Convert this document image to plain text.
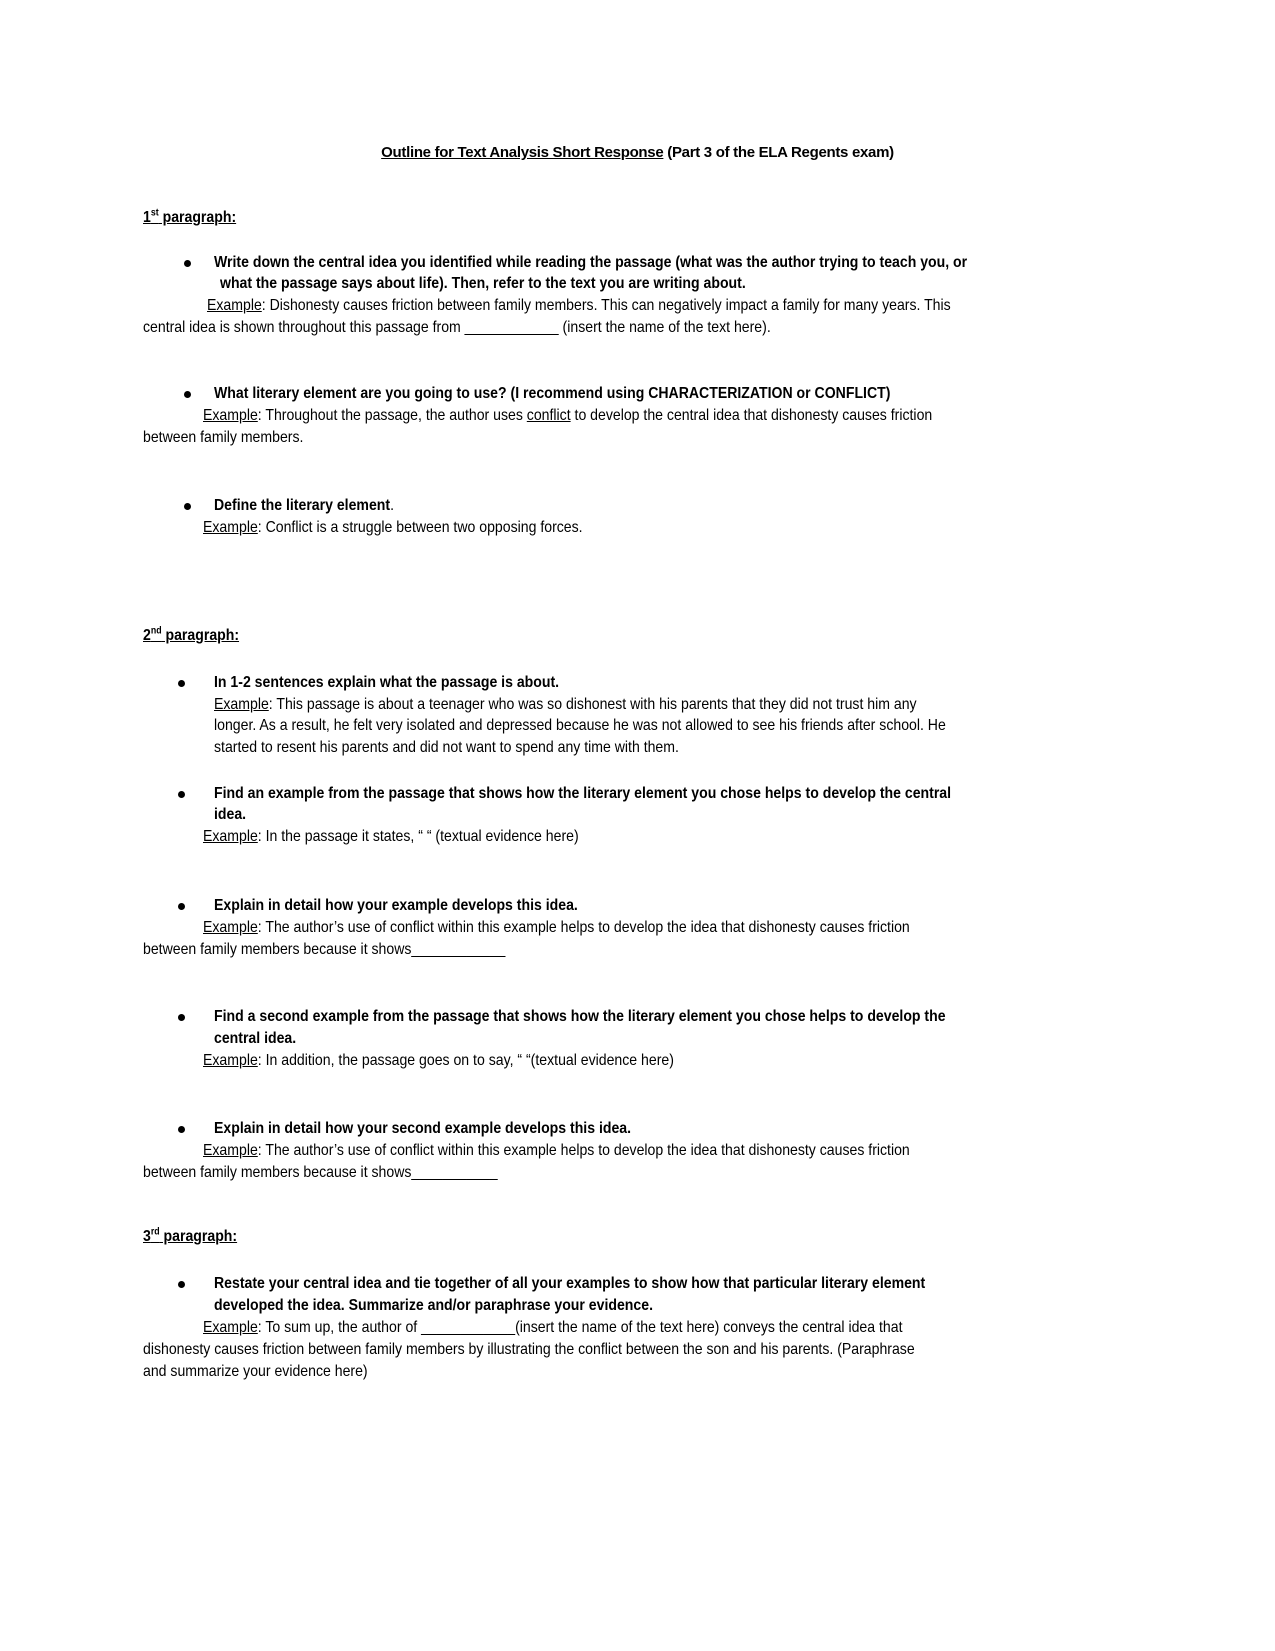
Outline for Text Analysis Short Response (Part 3 of the ELA Regents exam)
1st paragraph:
Write down the central idea you identified while reading the passage (what was the author trying to teach you, or
what the passage says about life). Then, refer to the text you are writing about.
Example: Dishonesty causes friction between family members. This can negatively impact a family for many years. This
central idea is shown throughout this passage from ____________ (insert the name of the text here).
What literary element are you going to use? (I recommend using CHARACTERIZATION or CONFLICT)
Example: Throughout the passage, the author uses conflict to develop the central idea that dishonesty causes friction
between family members.
Define the literary element.
Example: Conflict is a struggle between two opposing forces.
2nd paragraph:
In 1-2 sentences explain what the passage is about.
Example: This passage is about a teenager who was so dishonest with his parents that they did not trust him any
longer. As a result, he felt very isolated and depressed because he was not allowed to see his friends after school. He
started to resent his parents and did not want to spend any time with them.
Find an example from the passage that shows how the literary element you chose helps to develop the central
idea.
Example: In the passage it states, “ “ (textual evidence here)
Explain in detail how your example develops this idea.
Example: The author’s use of conflict within this example helps to develop the idea that dishonesty causes friction
between family members because it shows____________
Find a second example from the passage that shows how the literary element you chose helps to develop the
central idea.
Example: In addition, the passage goes on to say, “ “(textual evidence here)
Explain in detail how your second example develops this idea.
Example: The author’s use of conflict within this example helps to develop the idea that dishonesty causes friction
between family members because it shows___________
3rd paragraph:
Restate your central idea and tie together of all your examples to show how that particular literary element
developed the idea. Summarize and/or paraphrase your evidence.
Example: To sum up, the author of ____________(insert the name of the text here) conveys the central idea that
dishonesty causes friction between family members by illustrating the conflict between the son and his parents. (Paraphrase
and summarize your evidence here)
